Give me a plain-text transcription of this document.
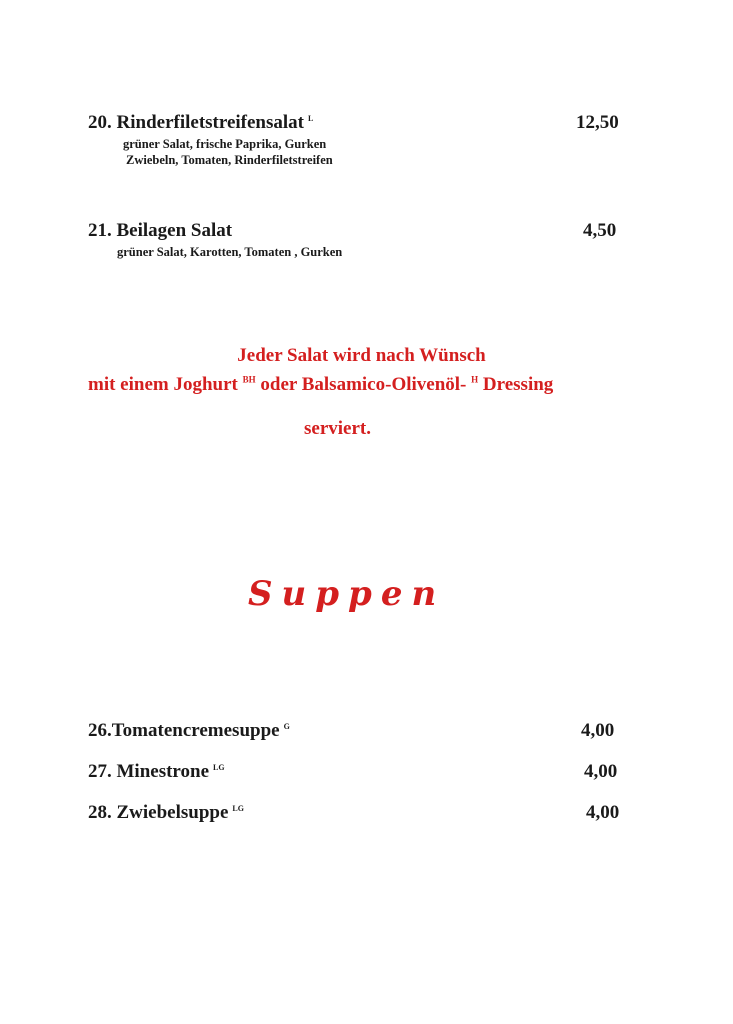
20. Rinderfiletstreifensalat $^L$	12,50
grüner Salat, frische Paprika, Gurken
Zwiebeln, Tomaten, Rinderfiletstreifen
21. Beilagen Salat	4,50
grüner Salat, Karotten, Tomaten , Gurken
Jeder Salat wird nach Wünsch
mit einem Joghurt $^{BH}$ oder Balsamico-Olivenöl- $^H$ Dressing
serviert.
Suppen
26.Tomatencremesuppe $^G$	4,00
27. Minestrone $^{LG}$	4,00
28. Zwiebelsuppe $^{LG}$	4,00
